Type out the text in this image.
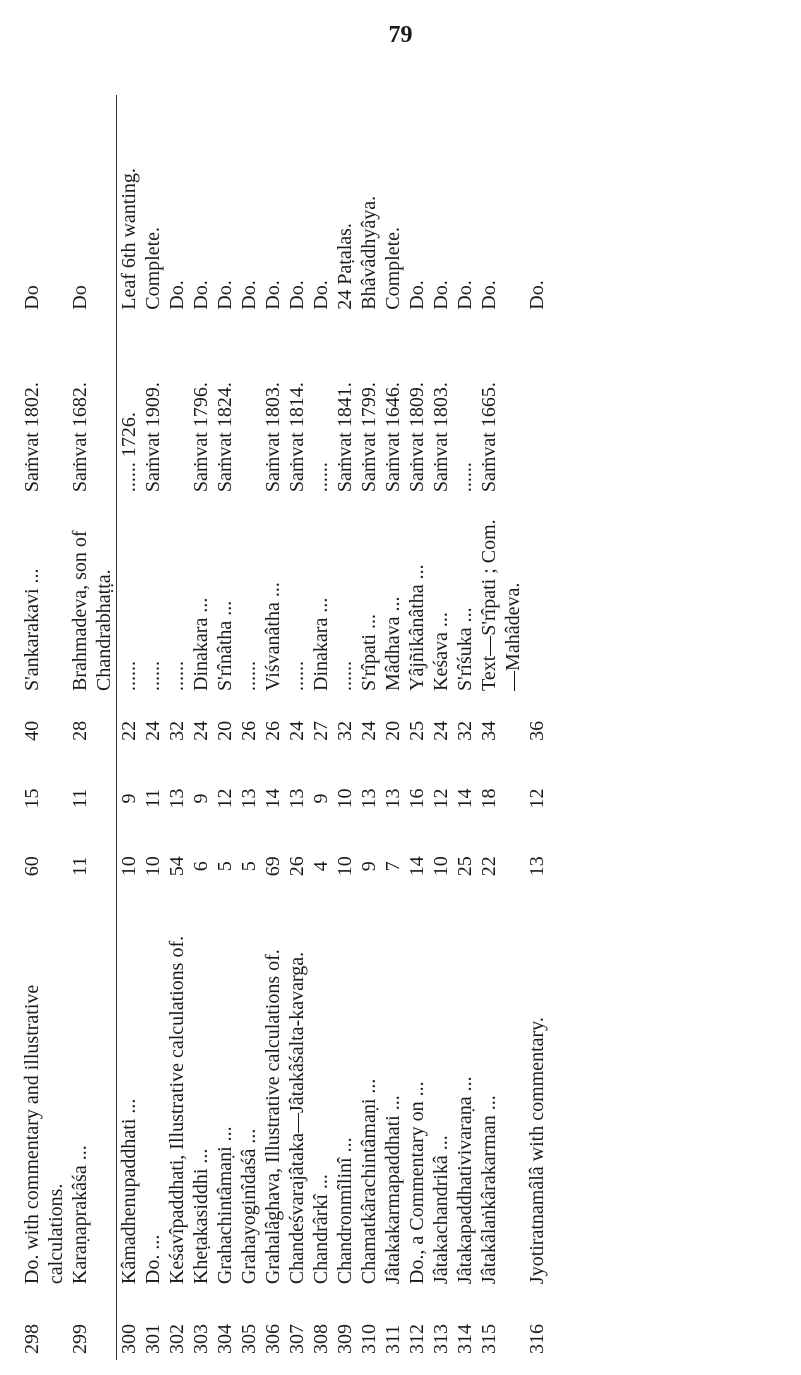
79
298	Do. with commentary and illustrative calculations.	60	15	40	S'ankarakavi ...	Saṁvat 1802.	Do
299	Karaṇaprakâśa ...	11	11	28	Brahmadeva, son of Chandrabhaṭṭa.	Saṁvat 1682.	Do

300	Kâmadhenupaddhati ...	10	9	22	......	...... 1726.	Leaf 6th wanting.
301	Do. ...	10	11	24	......	Saṁvat 1909.	Complete.
302	Keśavîpaddhati, Illustrative calculations of.	54	13	32	......		Do.
303	Kheṭakasiddhi ...	6	9	24	Dinakara ...	Saṁvat 1796.	Do.
304	Grahachintâmaṇi ...	5	12	20	S'rînâtha ...	Saṁvat 1824.	Do.
305	Grahayoginîdaśâ ...	5	13	26	......		Do.
306	Grahalâghava, Illustrative calculations of.	69	14	26	Viśvanâtha ...	Saṁvat 1803.	Do.
307	Chandeśvarajâtaka—Jâtakâśalta-kavarga.	26	13	24	......	Saṁvat 1814.	Do.
308	Chandrârkî ...	4	9	27	Dinakara ...	......	Do.
309	Chandronmîlinî ...	10	10	32	......	Saṁvat 1841.	24 Paṭalas.
310	Chamatkârachintâmaṇi ...	9	13	24	S'rîpati ...	Saṁvat 1799.	Bhâvâdhyâya.
311	Jâtakakarmapaddhati ...	7	13	20	Mâdhava ...	Saṁvat 1646.	Complete.
312	Do., a Commentary on ...	14	16	25	Yâjñikânâtha ...	Saṁvat 1809.	Do.
313	Jâtakachandrikâ ...	10	12	24	Keśava ...	Saṁvat 1803.	Do.
314	Jâtakapaddhativivaraṇa ...	25	14	32	S'rîśuka ...	......	Do.
315	Jâtakâlaṅkârakarman ...	22	18	34	Text—S'rîpati ; Com.—Mahâdeva.	Saṁvat 1665.	Do.
316	Jyotiratnamâlâ with commentary.	13	12	36			Do.
